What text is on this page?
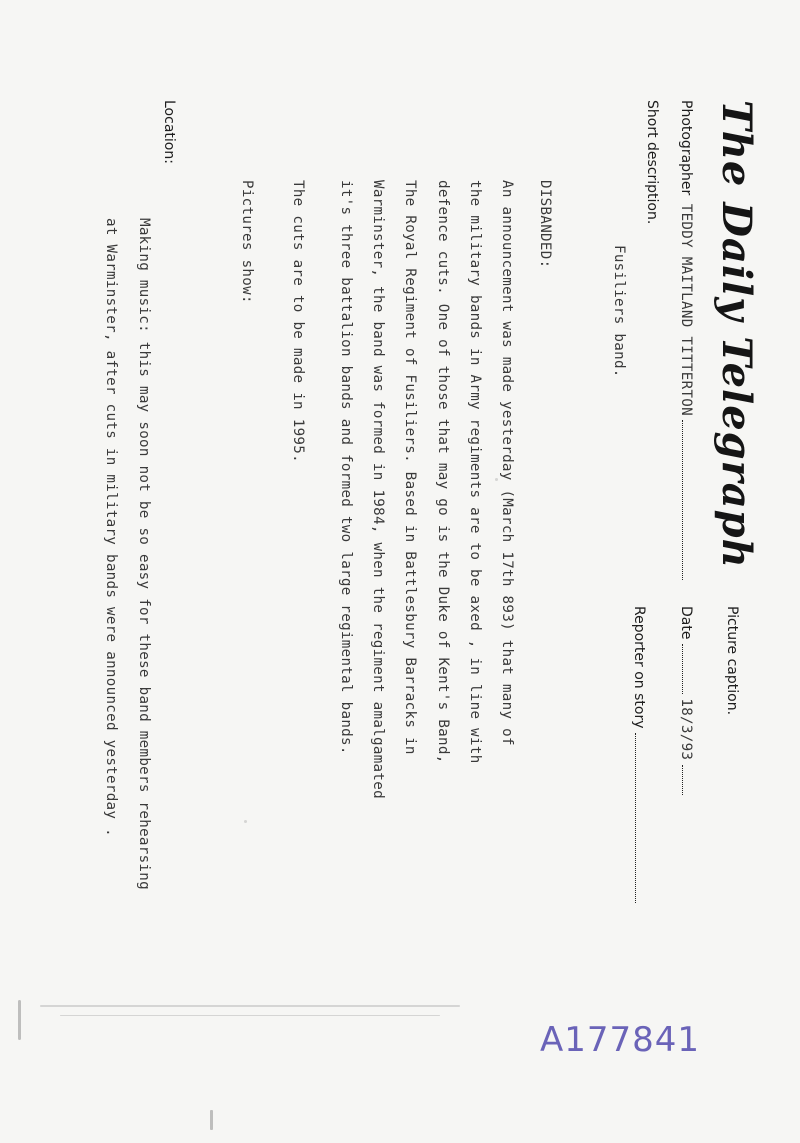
The Daily Telegraph
Photographer TEDDY MAITLAND TITTERTON
Short description.
Fusiliers band.
Location:
Picture caption.
Date  18/3/93
Reporter on story
DISBANDED:
An announcement was made yesterday (March 17th 893) that many of
the military bands in Army regiments are to be axed , in line with
defence cuts. One of those that may go is the Duke of Kent's Band,
The Royal Regiment of Fusiliers. Based in Battlesbury Barracks in
Warminster, the band was formed in 1984, when the regiment amalgamated
it's three battalion bands and formed two large regimental bands.
The cuts are to be made in 1995.
Pictures show:
Making music: this may soon not be so easy for these band members rehearsing
at Warminster, after cuts in military bands were announced yesterday .
A177841
